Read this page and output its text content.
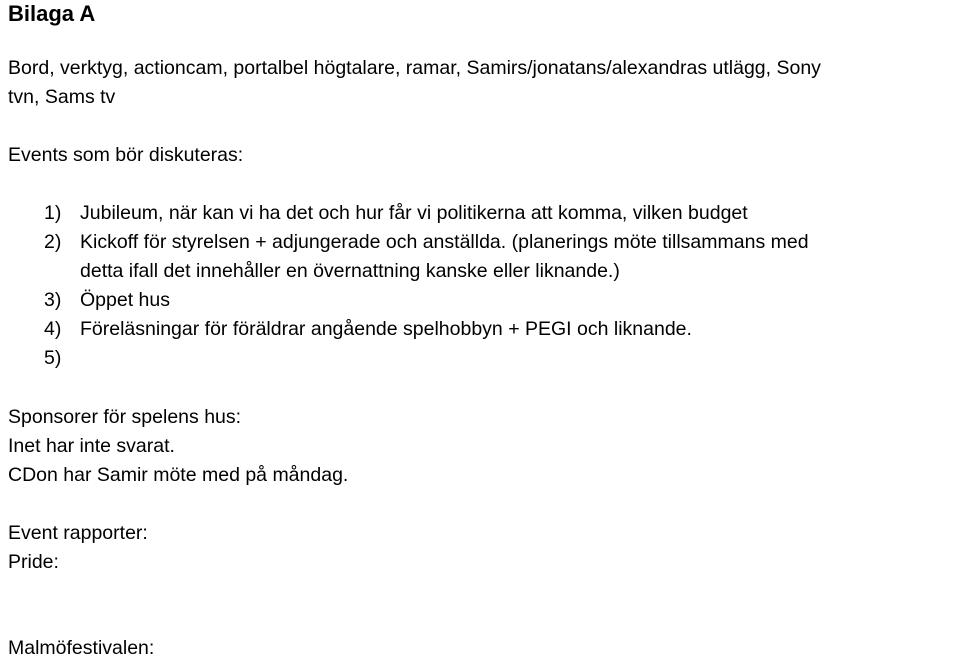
Bilaga A
Bord, verktyg, actioncam, portalbel högtalare, ramar, Samirs/jonatans/alexandras utlägg, Sony
tvn, Sams tv
Events som bör diskuteras:
1) Jubileum, när kan vi ha det och hur får vi politikerna att komma, vilken budget
2) Kickoff för styrelsen + adjungerade och anställda. (planerings möte tillsammans med
detta ifall det innehåller en övernattning kanske eller liknande.)
3) Öppet hus
4) Föreläsningar för föräldrar angående spelhobbyn + PEGI och liknande.
5)
Sponsorer för spelens hus:
Inet har inte svarat.
CDon har Samir möte med på måndag.
Event rapporter:
Pride:
Malmöfestivalen:
